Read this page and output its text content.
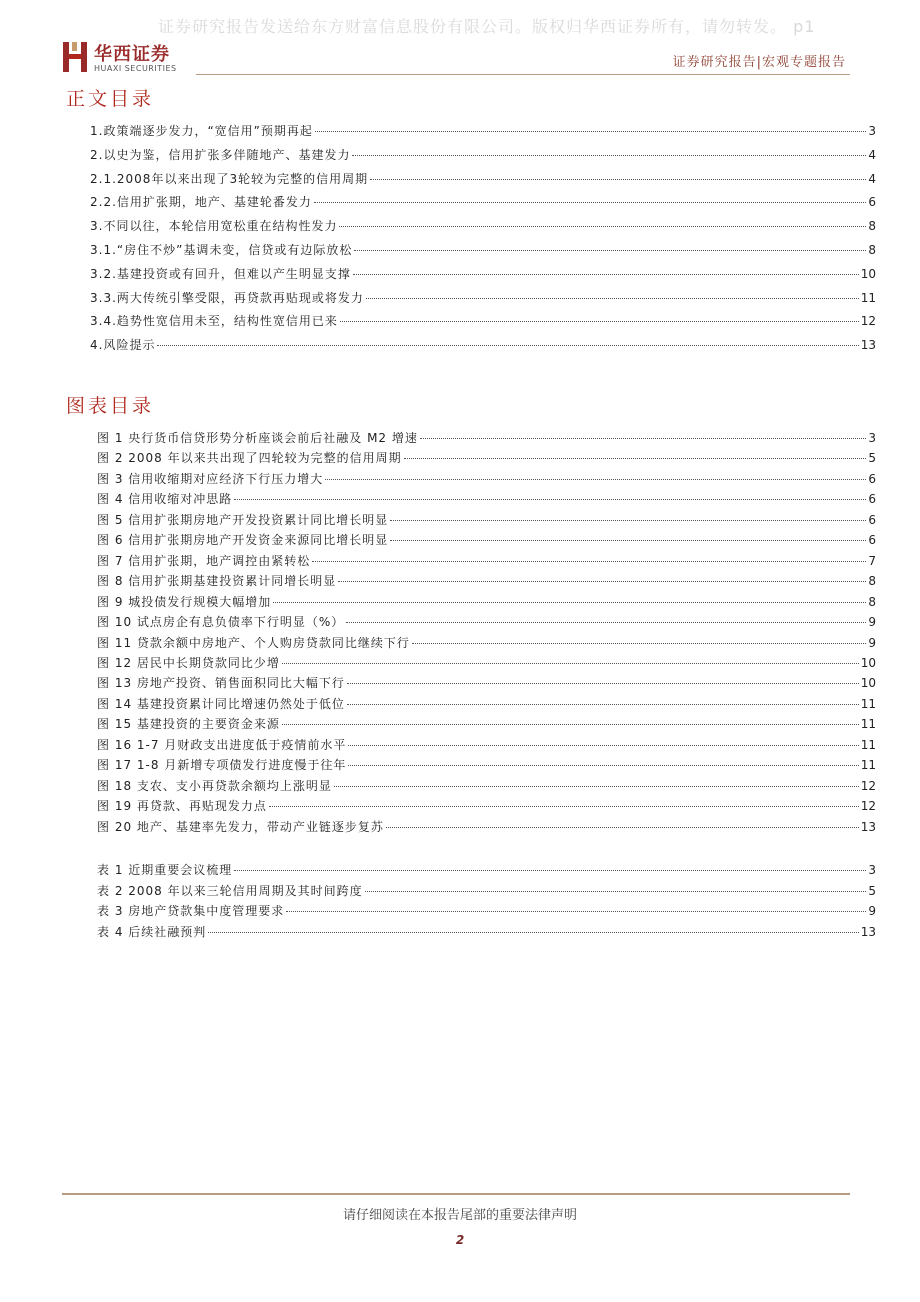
证券研究报告发送给东方财富信息股份有限公司。版权归华西证券所有，请勿转发。 p1
华西证券
HUAXI SECURITIES	证券研究报告|宏观专题报告
正文目录
1.政策端逐步发力，“宽信用”预期再起	3
2.以史为鉴，信用扩张多伴随地产、基建发力	4
2.1.2008年以来出现了3轮较为完整的信用周期	4
2.2.信用扩张期，地产、基建轮番发力	6
3.不同以往，本轮信用宽松重在结构性发力	8
3.1.“房住不炒”基调未变，信贷或有边际放松	8
3.2.基建投资或有回升，但难以产生明显支撑	10
3.3.两大传统引擎受限，再贷款再贴现或将发力	11
3.4.趋势性宽信用未至，结构性宽信用已来	12
4.风险提示	13
图表目录
图 1 央行货币信贷形势分析座谈会前后社融及 M2 增速	3
图 2 2008 年以来共出现了四轮较为完整的信用周期	5
图 3 信用收缩期对应经济下行压力增大	6
图 4 信用收缩对冲思路	6
图 5 信用扩张期房地产开发投资累计同比增长明显	6
图 6 信用扩张期房地产开发资金来源同比增长明显	6
图 7 信用扩张期，地产调控由紧转松	7
图 8 信用扩张期基建投资累计同增长明显	8
图 9 城投债发行规模大幅增加	8
图 10 试点房企有息负债率下行明显（%）	9
图 11 贷款余额中房地产、个人购房贷款同比继续下行	9
图 12 居民中长期贷款同比少增	10
图 13 房地产投资、销售面积同比大幅下行	10
图 14 基建投资累计同比增速仍然处于低位	11
图 15 基建投资的主要资金来源	11
图 16 1-7 月财政支出进度低于疫情前水平	11
图 17 1-8 月新增专项债发行进度慢于往年	11
图 18 支农、支小再贷款余额均上涨明显	12
图 19 再贷款、再贴现发力点	12
图 20 地产、基建率先发力，带动产业链逐步复苏	13
表 1 近期重要会议梳理	3
表 2 2008 年以来三轮信用周期及其时间跨度	5
表 3 房地产贷款集中度管理要求	9
表 4 后续社融预判	13
请仔细阅读在本报告尾部的重要法律声明
2
